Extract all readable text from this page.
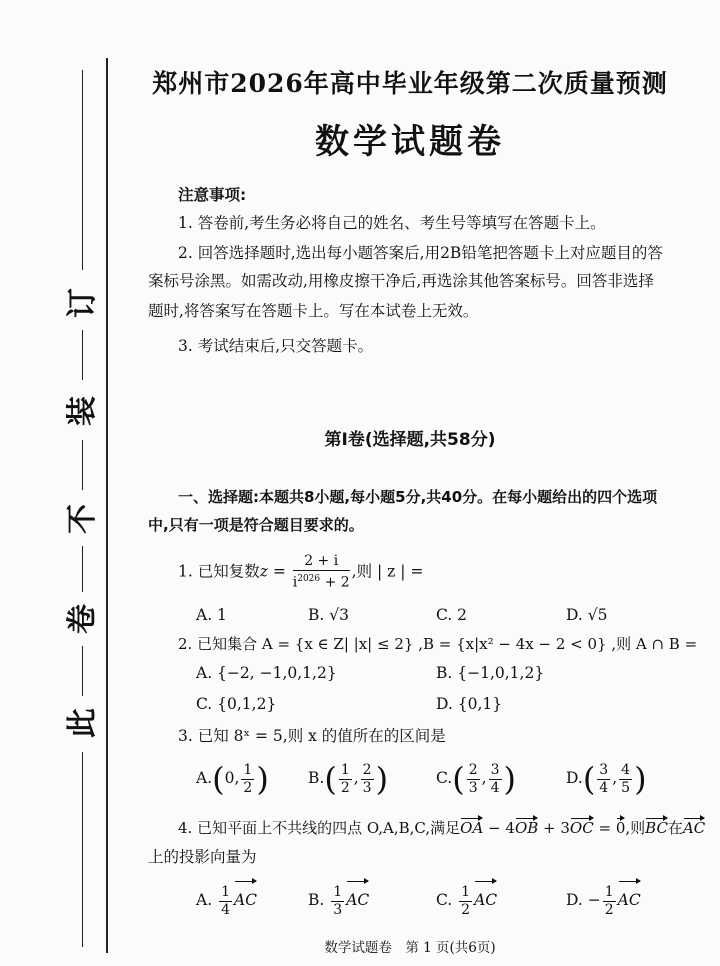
订
装
不
卷
此
郑州市2026年高中毕业年级第二次质量预测
数学试题卷
注意事项:
1. 答卷前,考生务必将自己的姓名、考生号等填写在答题卡上。
2. 回答选择题时,选出每小题答案后,用2B铅笔把答题卡上对应题目的答
案标号涂黑。如需改动,用橡皮擦干净后,再选涂其他答案标号。回答非选择
题时,将答案写在答题卡上。写在本试卷上无效。
3. 考试结束后,只交答题卡。
第Ⅰ卷(选择题,共58分)
一、选择题:本题共8小题,每小题5分,共40分。在每小题给出的四个选项
中,只有一项是符合题目要求的。
1. 已知复数$z = \frac{2 + i}{i^{2026} + 2}$ ,则 | z | =
A. 1	B. √3	C. 2	D. √5
2. 已知集合 A = {x ∈ Z| |x| ≤ 2} ,B = {x|x² − 4x − 2 < 0} ,则 A ∩ B =
A. {−2, −1,0,1,2}	B. {−1,0,1,2}
C. {0,1,2}	D. {0,1}
3. 已知 8ˣ = 5,则 x 的值所在的区间是
A.(0, $\frac{1}{2}$ )	$B.( \frac{1}{2}$ , $\frac{2}{3}$ )	$C.( \frac{2}{3}$ , $\frac{3}{4}$ )	$D.( \frac{3}{4}$ , $\frac{4}{5}$ )
4. 已知平面上不共线的四点 O,A,B,C,满足OA − 4OB + 3OC = 0,则BC在AC
上的投影向量为
A. $\frac{1}{4}$ AC	B. $\frac{1}{3}$ AC	C. $\frac{1}{2}$ AC	D. − $\frac{1}{2}$ AC
数学试题卷　第 1 页(共6页)
